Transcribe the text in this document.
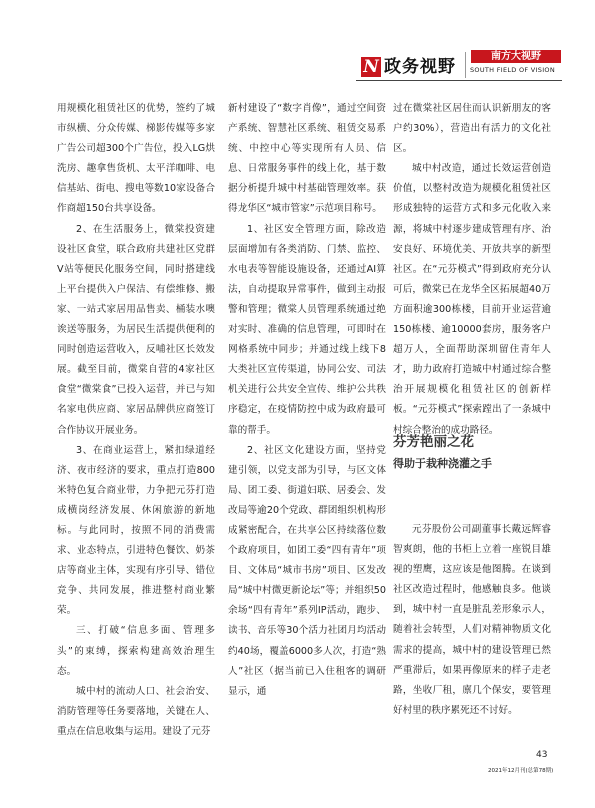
N 政务视野
南方大视野
SOUTH FIELD OF VISION

用规模化租赁社区的优势，签约了城市纵横、分众传媒、梯影传媒等多家广告公司超300个广告位，投入LG烘洗房、趣拿售货机、太平洋咖啡、电信基站、街电、搜电等数10家设备合作商超150台共享设备。

2、在生活服务上，微棠投资建设社区食堂，联合政府共建社区党群V站等便民化服务空间，同时搭建线上平台提供入户保洁、有偿维修、搬家、一站式家居用品售卖、桶装水噢诶送等服务，为居民生活提供便利的同时创造运营收入，反哺社区长效发展。截至目前，微棠自营的4家社区食堂“微棠食”已投入运营，并已与知名家电供应商、家居品牌供应商签订合作协议开展业务。

3、在商业运营上，紧扣绿道经济、夜市经济的要求，重点打造800米特色复合商业带，力争把元芬打造成横岗经济发展、休闲旅游的新地标。与此同时，按照不同的消费需求、业态特点，引进特色餐饮、奶茶店等商业主体，实现有序引导、错位竞争、共同发展，推进整村商业繁荣。

三、打破“信息多面、管理多头”的束缚，探索构建高效治理生态。

城中村的流动人口、社会治安、消防管理等任务要落地，关键在人、重点在信息收集与运用。建设了元芬

新村建设了“数字肖像”，通过空间资产系统、智慧社区系统、租赁交易系统、中控中心等实现所有人员、信息、日常服务事件的线上化，基于数据分析提升城中村基础管理效率。获得龙华区“城市管家”示范项目称号。

1、社区安全管理方面，除改造层面增加有各类消防、门禁、监控、水电表等智能设施设备，还通过AI算法，自动提取异常事件，做到主动报警和管理；微棠人员管理系统通过绝对实时、准确的信息管理，可即时在网格系统中同步；并通过线上线下8大类社区宣传渠道，协同公安、司法机关进行公共安全宣传、维护公共秩序稳定，在疫情防控中成为政府最可靠的帮手。

2、社区文化建设方面，坚持党建引领，以党支部为引导，与区文体局、团工委、街道妇联、居委会、发改局等逾20个党政、群团组织机构形成紧密配合，在共享公区持续落位数个政府项目，如团工委“四有青年”项目、文体局“城市书房”项目、区发改局“城中村微更新论坛”等；并组织50余场“四有青年”系列IP活动，跑步、读书、音乐等30个活力社团月均活动约40场，覆盖6000多人次，打造“熟人”社区（据当前已入住租客的调研显示，通

过在微棠社区居住而认识新朋友的客户约30%），营造出有活力的文化社区。

城中村改造，通过长效运营创造价值，以整村改造为规模化租赁社区形成独特的运营方式和多元化收入来源，将城中村逐步建成管理有序、治安良好、环境优美、开放共享的新型社区。在“元芬模式”得到政府充分认可后，微棠已在龙华全区拓展超40万方面积逾300栋楼，目前开业运营逾150栋楼、逾10000套房，服务客户超万人，全面帮助深圳留住青年人才，助力政府打造城中村通过综合整治开展规模化租赁社区的创新样板。“元芬模式”探索蹚出了一条城中村综合整治的成功路径。

芬芳艳丽之花
得助于栽种浇灌之手

元芬股份公司副董事长戴远辉睿智爽朗，他的书柜上立着一座锐目雄视的塑鹰，这应该是他图腾。在谈到社区改造过程时，他感触良多。他谈到，城中村一直是脏乱差形象示人，随着社会转型，人们对精神物质文化需求的提高，城中村的建设管理已然严重滞后，如果再像原来的样子走老路，坐收厂租，廪几个保安，要管理好村里的秩序累死还不讨好。

43
2021年12月刊(总第78期)
